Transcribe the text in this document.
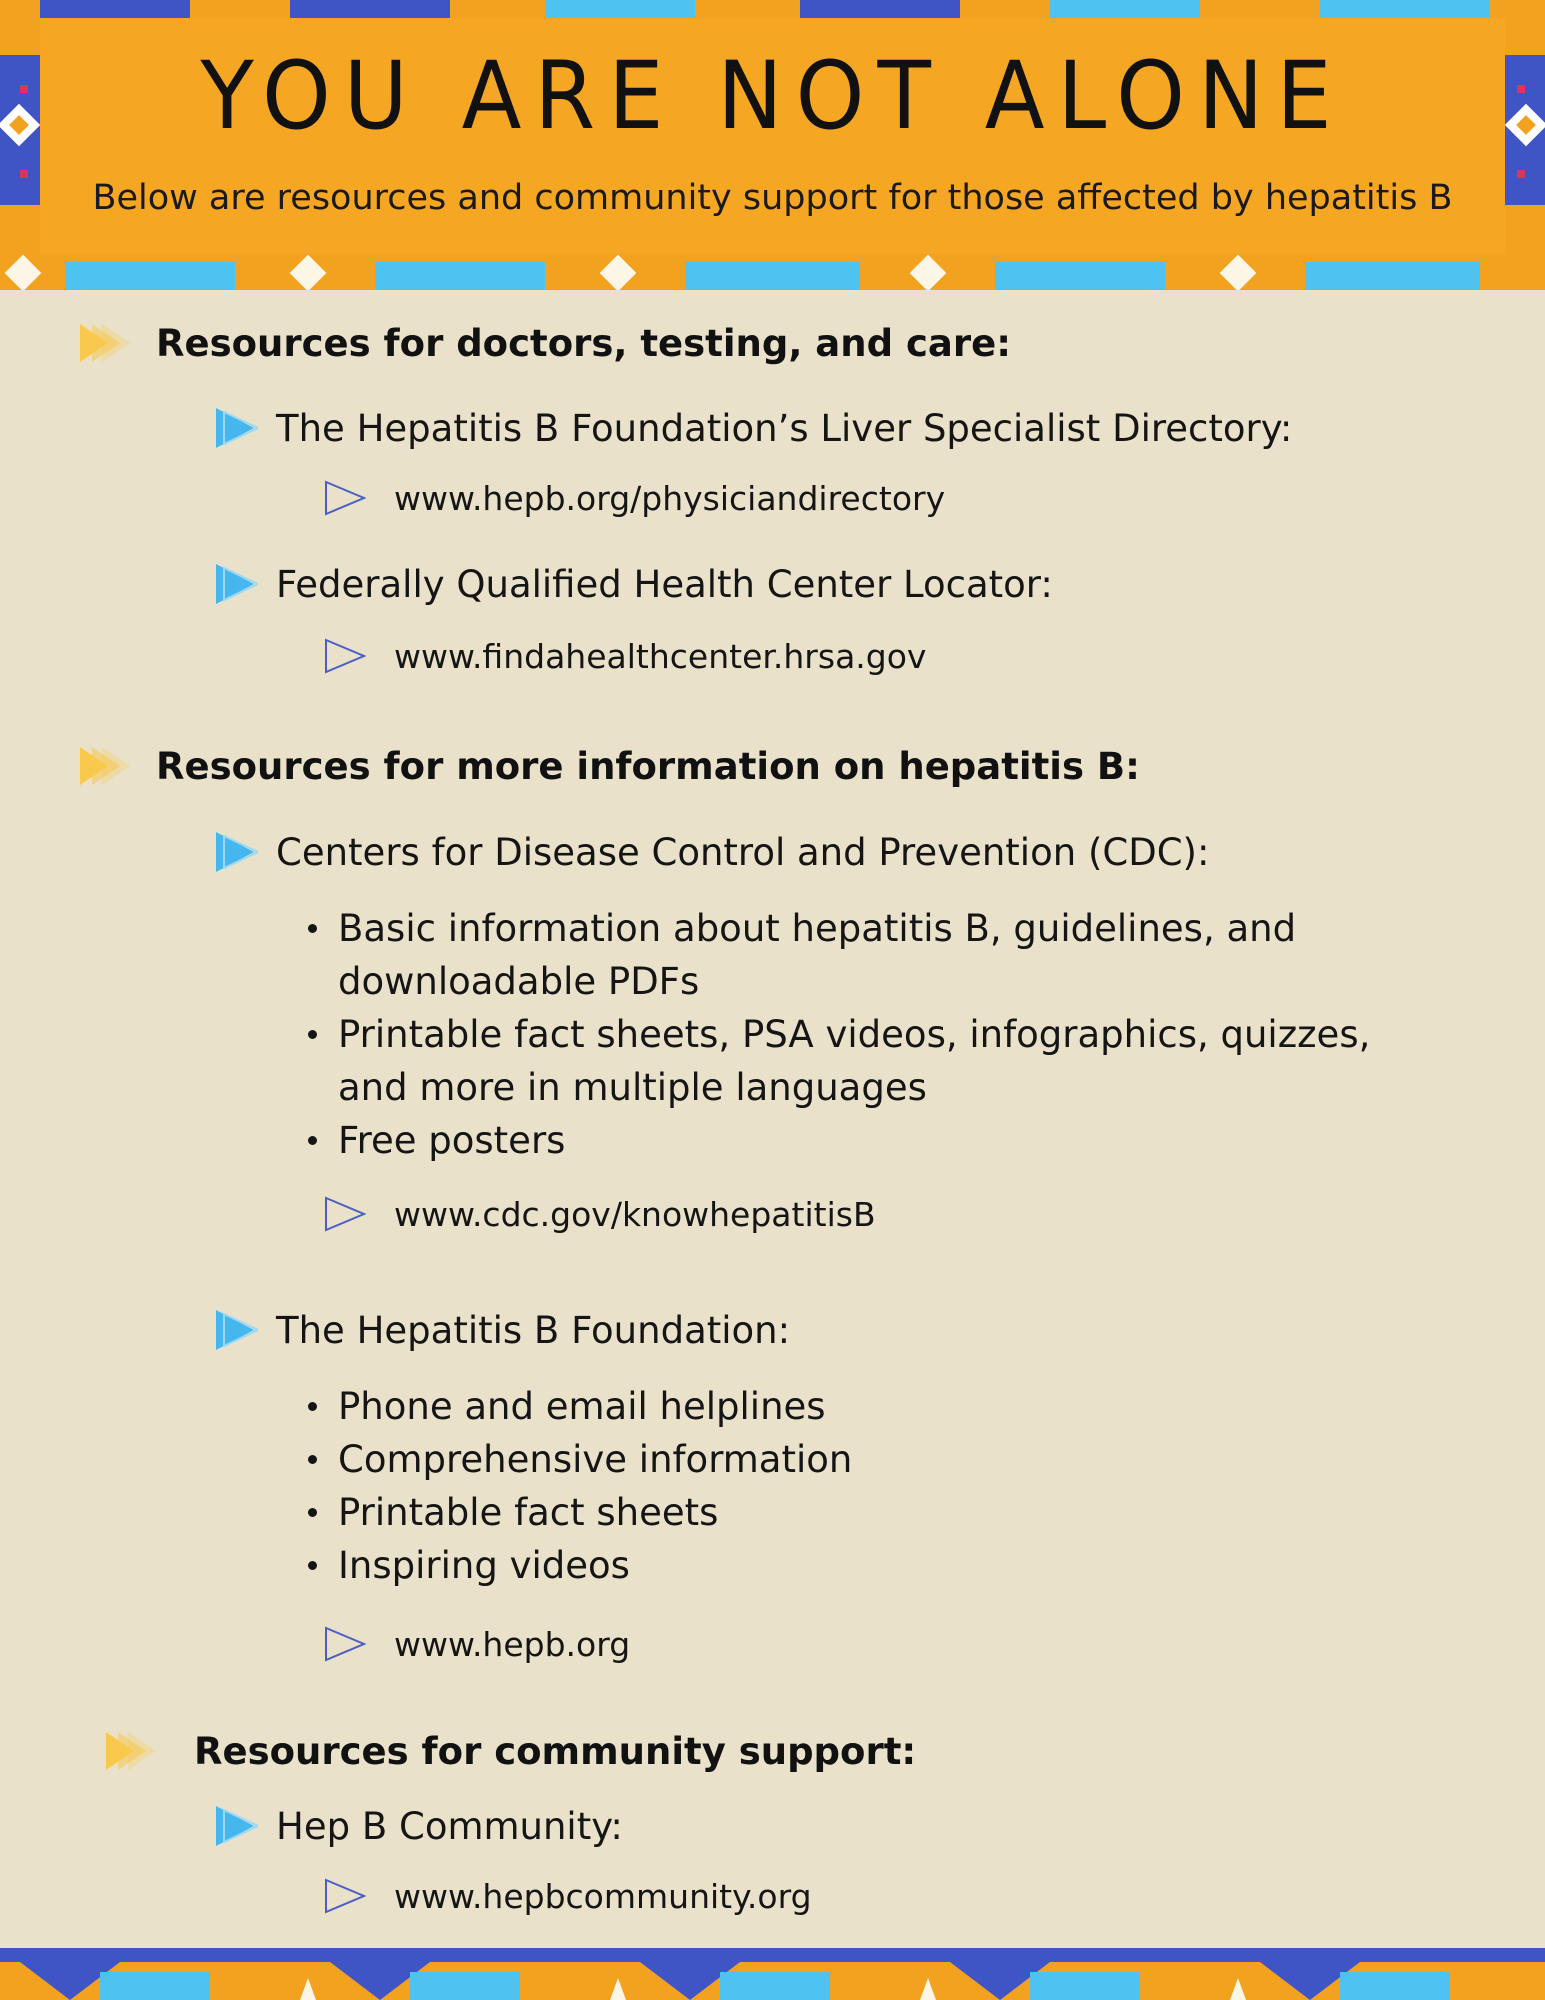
YOU ARE NOT ALONE

Below are resources and community support for those affected by hepatitis B

Resources for doctors, testing, and care:
The Hepatitis B Foundation’s Liver Specialist Directory:
www.hepb.org/physiciandirectory
Federally Qualified Health Center Locator:
www.findahealthcenter.hrsa.gov
Resources for more information on hepatitis B:
Centers for Disease Control and Prevention (CDC):
Basic information about hepatitis B, guidelines, and
downloadable PDFs
Printable fact sheets, PSA videos, infographics, quizzes,
and more in multiple languages
Free posters
www.cdc.gov/knowhepatitisB
The Hepatitis B Foundation:
Phone and email helplines
Comprehensive information
Printable fact sheets
Inspiring videos
www.hepb.org
Resources for community support:
Hep B Community:
www.hepbcommunity.org
